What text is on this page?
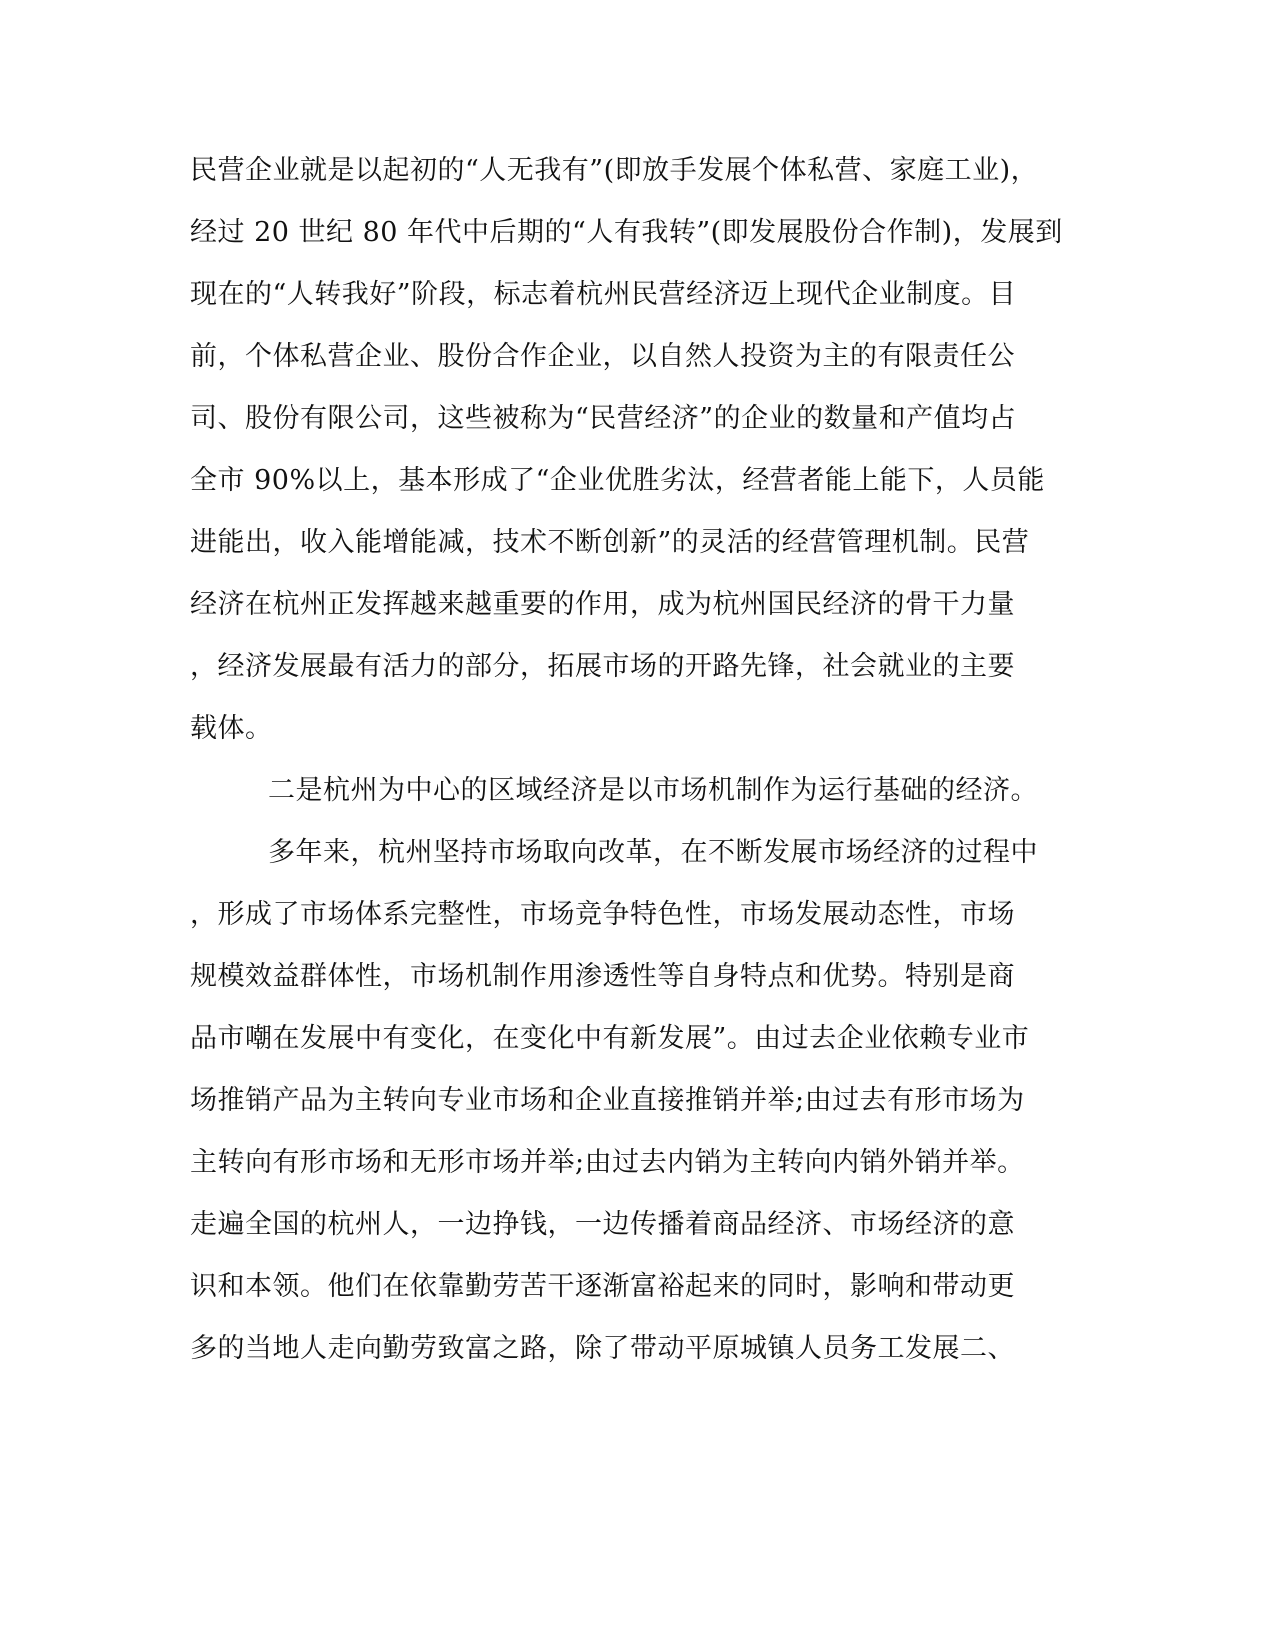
民营企业就是以起初的“人无我有”(即放手发展个体私营、家庭工业)，
经过 20 世纪 80 年代中后期的“人有我转”(即发展股份合作制)，发展到
现在的“人转我好”阶段，标志着杭州民营经济迈上现代企业制度。目
前，个体私营企业、股份合作企业，以自然人投资为主的有限责任公
司、股份有限公司，这些被称为“民营经济”的企业的数量和产值均占
全市 90%以上，基本形成了“企业优胜劣汰，经营者能上能下，人员能
进能出，收入能增能减，技术不断创新”的灵活的经营管理机制。民营
经济在杭州正发挥越来越重要的作用，成为杭州国民经济的骨干力量
，经济发展最有活力的部分，拓展市场的开路先锋，社会就业的主要
载体。
二是杭州为中心的区域经济是以市场机制作为运行基础的经济。
多年来，杭州坚持市场取向改革，在不断发展市场经济的过程中
，形成了市场体系完整性，市场竞争特色性，市场发展动态性，市场
规模效益群体性，市场机制作用渗透性等自身特点和优势。特别是商
品市嘲在发展中有变化，在变化中有新发展”。由过去企业依赖专业市
场推销产品为主转向专业市场和企业直接推销并举;由过去有形市场为
主转向有形市场和无形市场并举;由过去内销为主转向内销外销并举。
走遍全国的杭州人，一边挣钱，一边传播着商品经济、市场经济的意
识和本领。他们在依靠勤劳苦干逐渐富裕起来的同时，影响和带动更
多的当地人走向勤劳致富之路，除了带动平原城镇人员务工发展二、
